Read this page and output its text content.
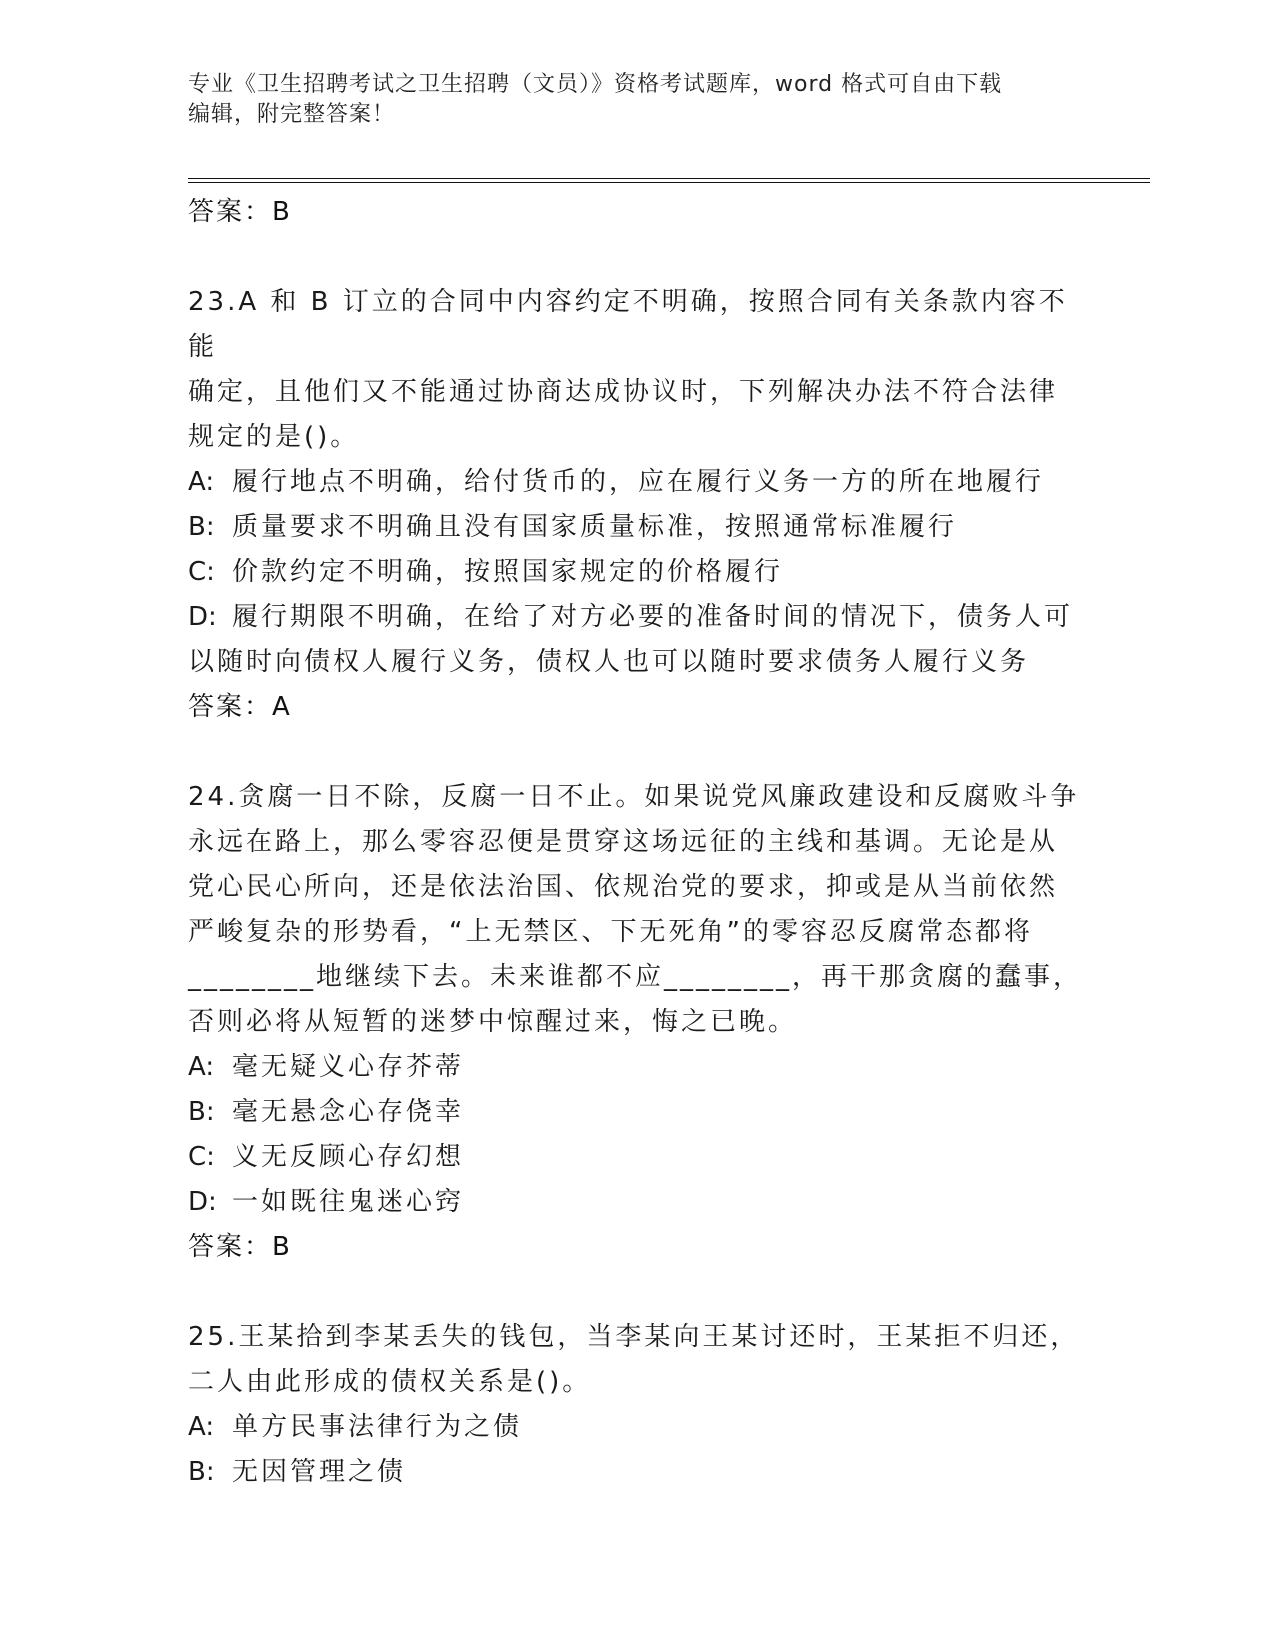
专业《卫生招聘考试之卫生招聘（文员）》资格考试题库，word 格式可自由下载
编辑，附完整答案！
答案：B
23.A 和 B 订立的合同中内容约定不明确，按照合同有关条款内容不能
确定，且他们又不能通过协商达成协议时，下列解决办法不符合法律
规定的是()。
A: 履行地点不明确，给付货币的，应在履行义务一方的所在地履行
B: 质量要求不明确且没有国家质量标准，按照通常标准履行
C: 价款约定不明确，按照国家规定的价格履行
D: 履行期限不明确，在给了对方必要的准备时间的情况下，债务人可
以随时向债权人履行义务，债权人也可以随时要求债务人履行义务
答案：A
24.贪腐一日不除，反腐一日不止。如果说党风廉政建设和反腐败斗争
永远在路上，那么零容忍便是贯穿这场远征的主线和基调。无论是从
党心民心所向，还是依法治国、依规治党的要求，抑或是从当前依然
严峻复杂的形势看，“上无禁区、下无死角”的零容忍反腐常态都将
________地继续下去。未来谁都不应________，再干那贪腐的蠢事，
否则必将从短暂的迷梦中惊醒过来，悔之已晚。
A: 毫无疑义心存芥蒂
B: 毫无悬念心存侥幸
C: 义无反顾心存幻想
D: 一如既往鬼迷心窍
答案：B
25.王某拾到李某丢失的钱包，当李某向王某讨还时，王某拒不归还，
二人由此形成的债权关系是()。
A: 单方民事法律行为之债
B: 无因管理之债
